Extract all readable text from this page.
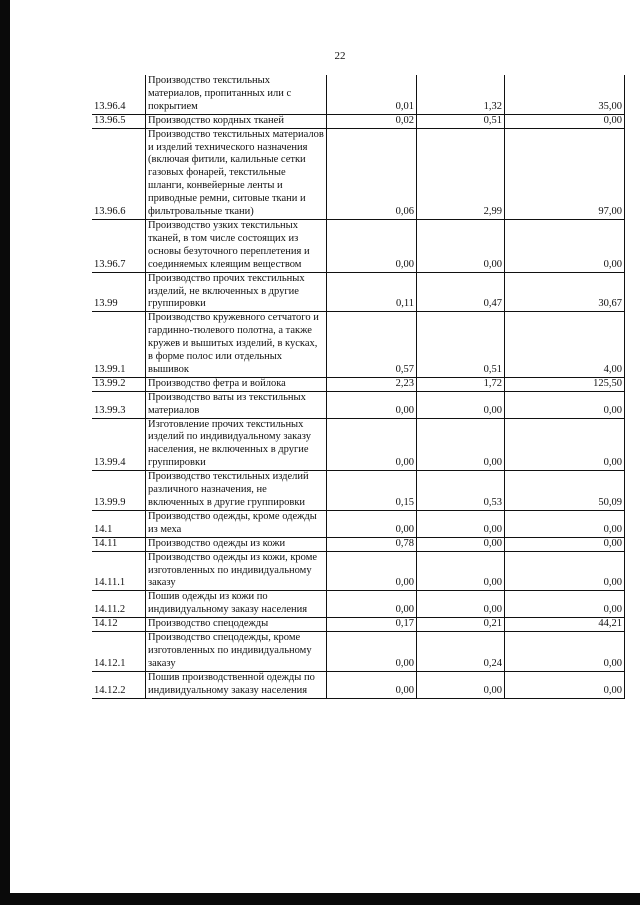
22
13.96.4	Производство текстильных материалов, пропитанных или с покрытием	0,01	1,32	35,00
13.96.5	Производство кордных тканей	0,02	0,51	0,00
13.96.6	Производство текстильных материалов и изделий технического назначения (включая фитили, калильные сетки газовых фонарей, текстильные шланги, конвейерные ленты и приводные ремни, ситовые ткани и фильтровальные ткани)	0,06	2,99	97,00
13.96.7	Производство узких текстильных тканей, в том числе состоящих из основы безуточного переплетения и соединяемых клеящим веществом	0,00	0,00	0,00
13.99	Производство прочих текстильных изделий, не включенных в другие группировки	0,11	0,47	30,67
13.99.1	Производство кружевного сетчатого и гардинно-тюлевого полотна, а также кружев и вышитых изделий, в кусках, в форме полос или отдельных вышивок	0,57	0,51	4,00
13.99.2	Производство фетра и войлока	2,23	1,72	125,50
13.99.3	Производство ваты из текстильных материалов	0,00	0,00	0,00
13.99.4	Изготовление прочих текстильных изделий по индивидуальному заказу населения, не включенных в другие группировки	0,00	0,00	0,00
13.99.9	Производство текстильных изделий различного назначения, не включенных в другие группировки	0,15	0,53	50,09
14.1	Производство одежды, кроме одежды из меха	0,00	0,00	0,00
14.11	Производство одежды из кожи	0,78	0,00	0,00
14.11.1	Производство одежды из кожи, кроме изготовленных по индивидуальному заказу	0,00	0,00	0,00
14.11.2	Пошив одежды из кожи по индивидуальному заказу населения	0,00	0,00	0,00
14.12	Производство спецодежды	0,17	0,21	44,21
14.12.1	Производство спецодежды, кроме изготовленных по индивидуальному заказу	0,00	0,24	0,00
14.12.2	Пошив производственной одежды по индивидуальному заказу населения	0,00	0,00	0,00
